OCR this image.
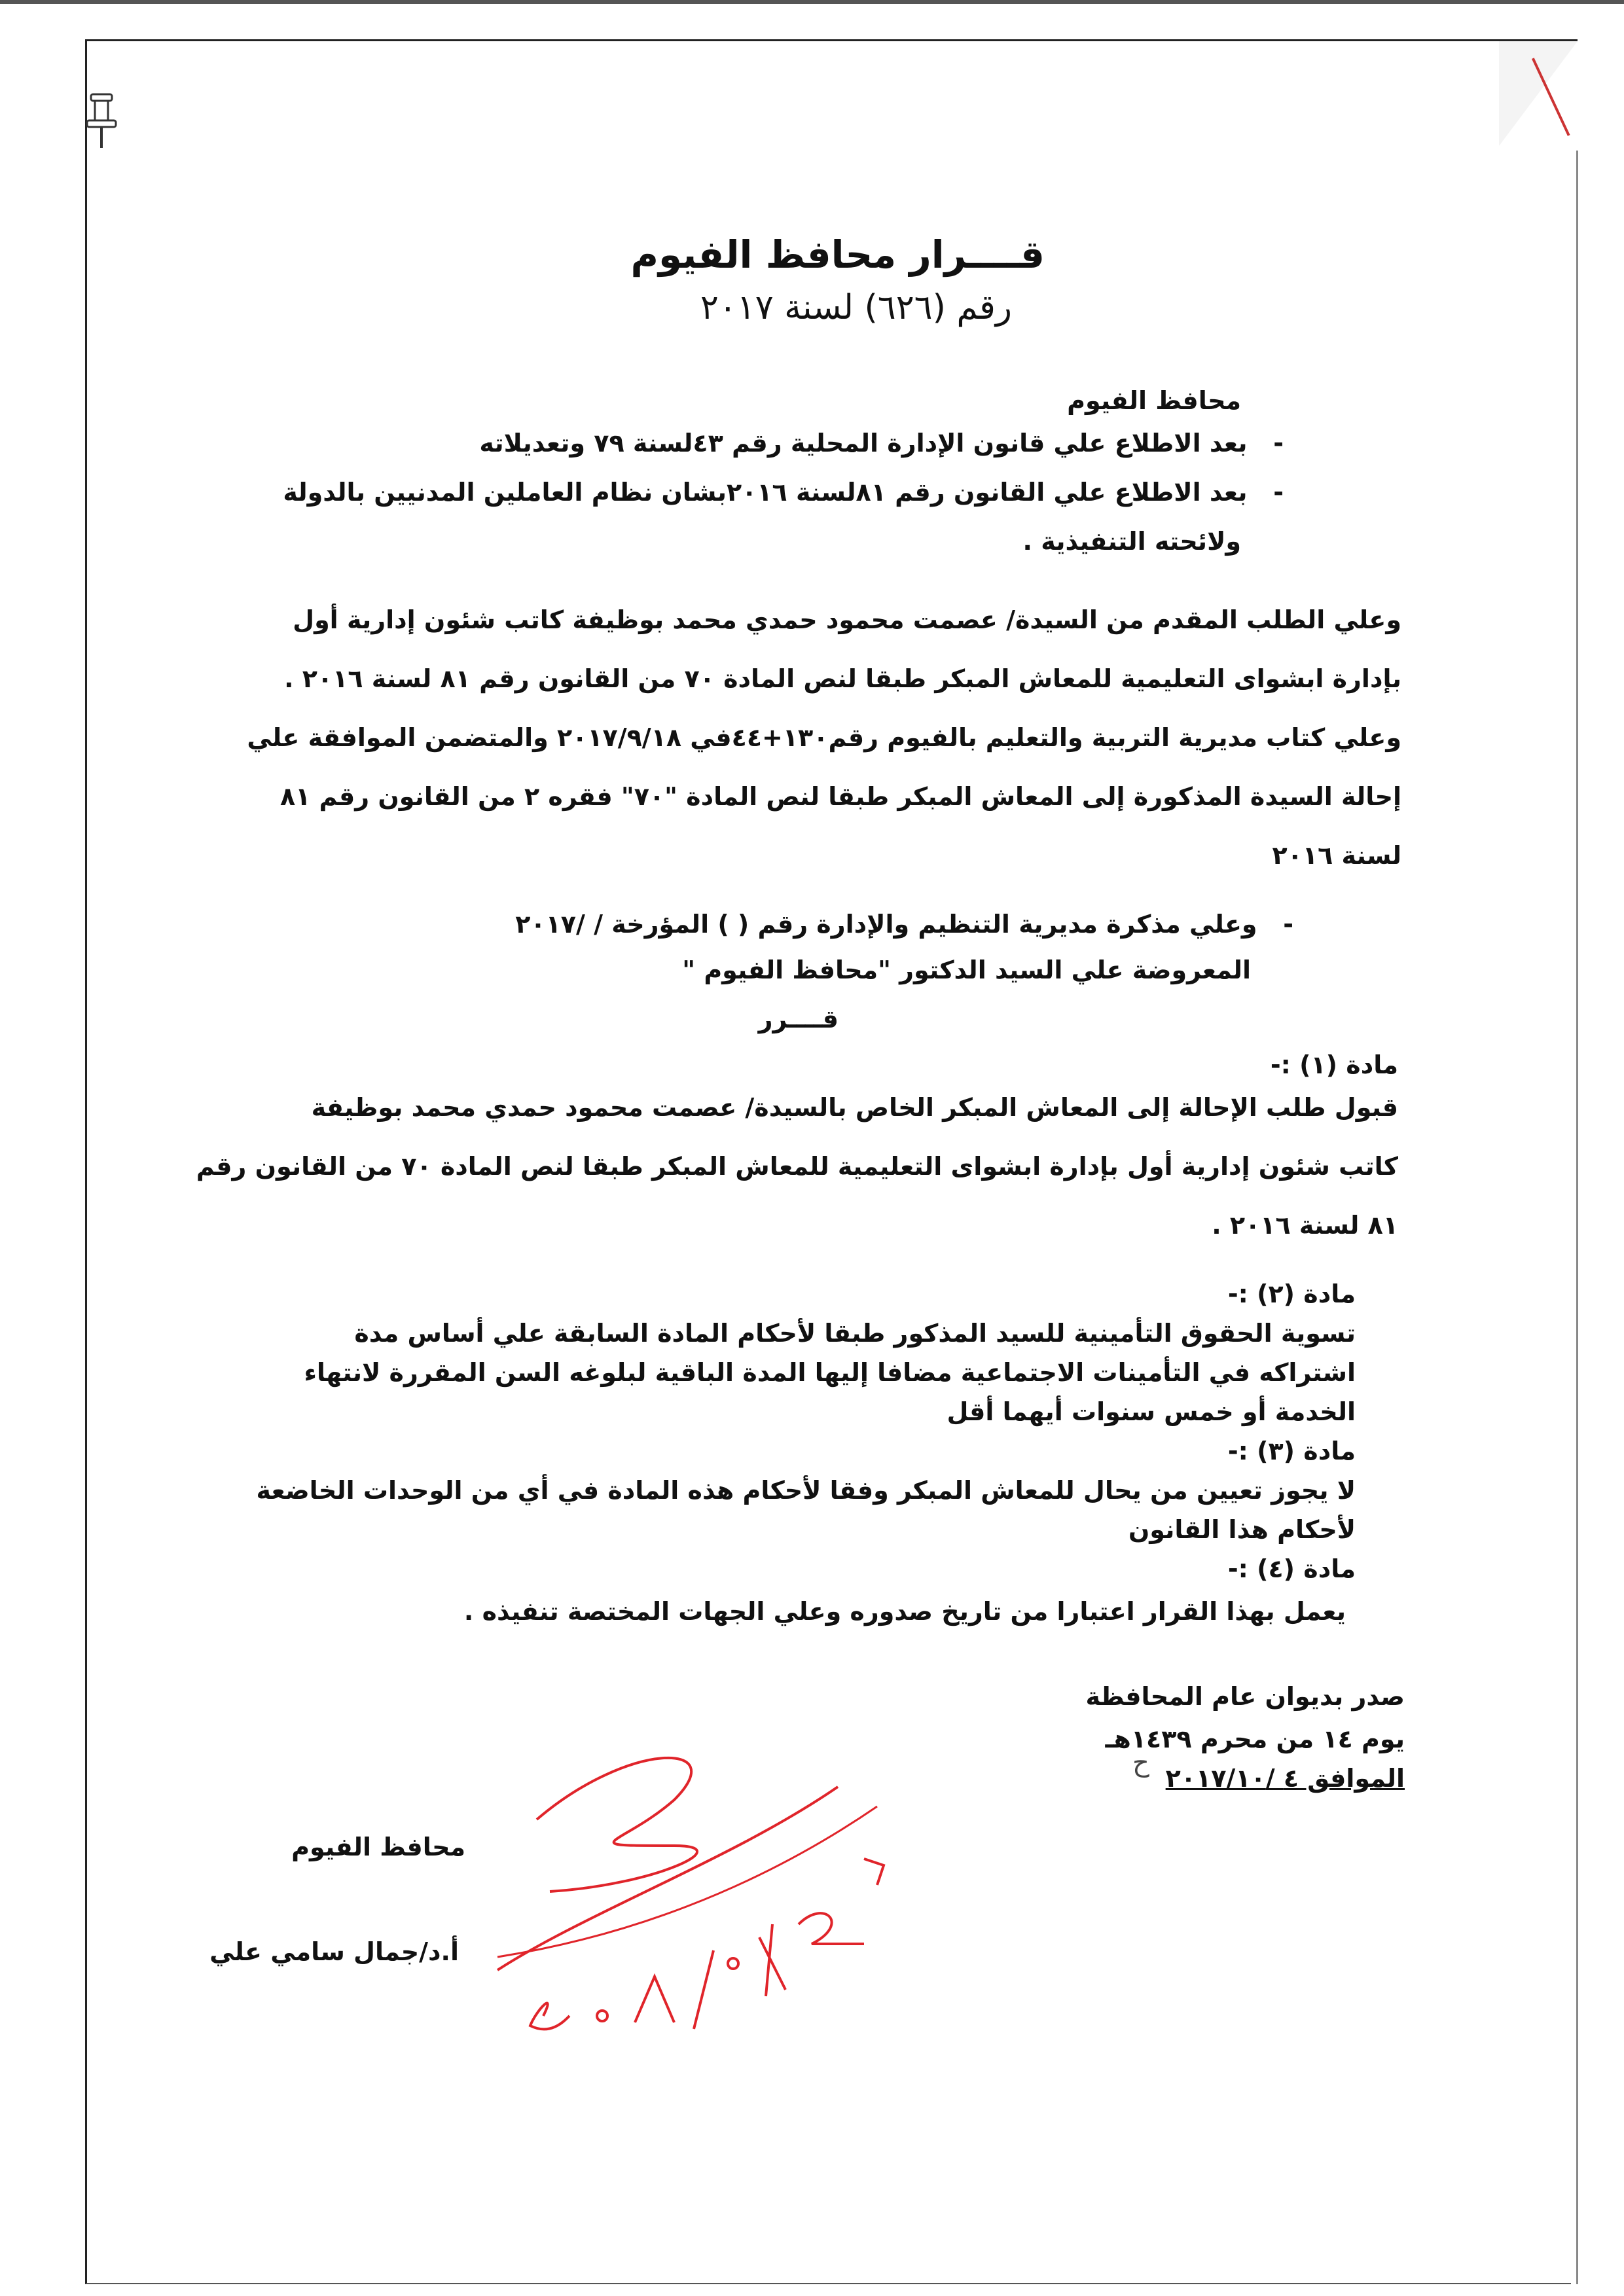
قــــرار محافظ الفيوم
رقم (٦٢٦) لسنة ٢٠١٧
محافظ الفيوم
-   بعد الاطلاع علي قانون الإدارة المحلية رقم ٤٣لسنة ٧٩ وتعديلاته
-   بعد الاطلاع علي القانون رقم ٨١لسنة ٢٠١٦بشان نظام العاملين المدنيين بالدولة
ولائحته التنفيذية .
وعلي الطلب المقدم من السيدة/ عصمت محمود حمدي محمد بوظيفة كاتب شئون إدارية أول
بإدارة ابشواى التعليمية للمعاش المبكر طبقا لنص المادة ٧٠ من القانون رقم ٨١ لسنة ٢٠١٦ .
وعلي كتاب مديرية التربية والتعليم بالفيوم رقم١٣٠+٤٤في ٢٠١٧/٩/١٨ والمتضمن الموافقة علي
إحالة السيدة المذكورة إلى المعاش المبكر طبقا لنص المادة "٧٠" فقره ٢ من القانون رقم ٨١
لسنة ٢٠١٦
-   وعلي مذكرة مديرية التنظيم والإدارة رقم ( ) المؤرخة / /٢٠١٧
المعروضة علي السيد الدكتور "محافظ الفيوم "
قــــرر
مادة (١) :-
قبول طلب الإحالة إلى المعاش المبكر الخاص بالسيدة/ عصمت محمود حمدي محمد بوظيفة
كاتب شئون إدارية أول بإدارة ابشواى التعليمية للمعاش المبكر طبقا لنص المادة ٧٠ من القانون رقم
٨١ لسنة ٢٠١٦ .
مادة (٢) :-
تسوية الحقوق التأمينية للسيد المذكور طبقا لأحكام المادة السابقة علي أساس مدة
اشتراكه في التأمينات الاجتماعية مضافا إليها المدة الباقية لبلوغه السن المقررة لانتهاء
الخدمة أو خمس سنوات أيهما أقل
مادة (٣) :-
لا يجوز تعيين من يحال للمعاش المبكر وفقا لأحكام هذه المادة في أي من الوحدات الخاضعة
لأحكام هذا القانون
مادة (٤) :-
يعمل بهذا القرار اعتبارا من تاريخ صدوره وعلي الجهات المختصة تنفيذه .
صدر بديوان عام المحافظة
يوم ١٤ من محرم ١٤٣٩هـ
الموافق ٤ /٢٠١٧/١٠
محافظ الفيوم
أ.د/جمال سامي علي
ﺡ
